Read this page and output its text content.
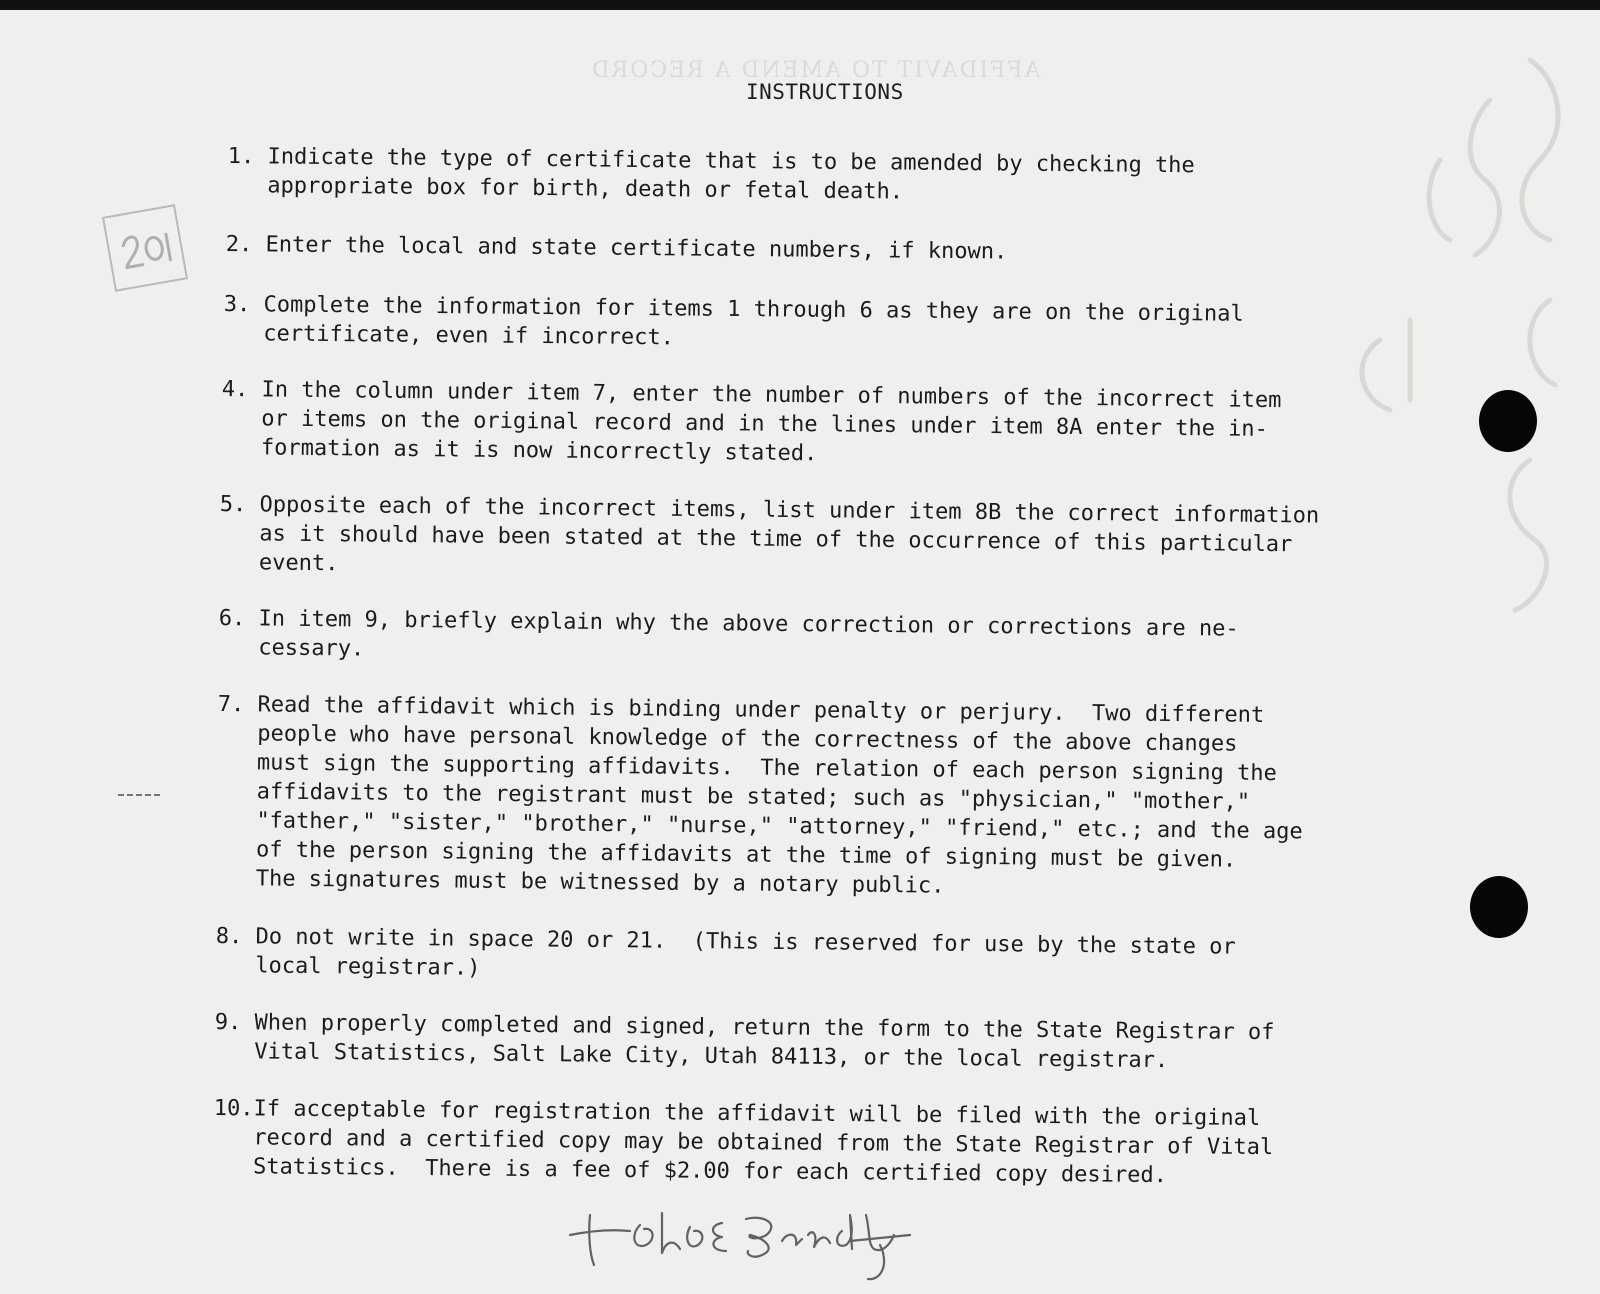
AFFIDAVIT TO AMEND A RECORD
INSTRUCTIONS
1. Indicate the type of certificate that is to be amended by checking the
appropriate box for birth, death or fetal death.
2. Enter the local and state certificate numbers, if known.
3. Complete the information for items 1 through 6 as they are on the original
certificate, even if incorrect.
4. In the column under item 7, enter the number of numbers of the incorrect item
or items on the original record and in the lines under item 8A enter the in-
formation as it is now incorrectly stated.
5. Opposite each of the incorrect items, list under item 8B the correct information
as it should have been stated at the time of the occurrence of this particular
event.
6. In item 9, briefly explain why the above correction or corrections are ne-
cessary.
7. Read the affidavit which is binding under penalty or perjury.  Two different
people who have personal knowledge of the correctness of the above changes
must sign the supporting affidavits.  The relation of each person signing the
affidavits to the registrant must be stated; such as "physician," "mother,"
"father," "sister," "brother," "nurse," "attorney," "friend," etc.; and the age
of the person signing the affidavits at the time of signing must be given.
The signatures must be witnessed by a notary public.
8. Do not write in space 20 or 21.  (This is reserved for use by the state or
local registrar.)
9. When properly completed and signed, return the form to the State Registrar of
Vital Statistics, Salt Lake City, Utah 84113, or the local registrar.
10.If acceptable for registration the affidavit will be filed with the original
record and a certified copy may be obtained from the State Registrar of Vital
Statistics.  There is a fee of $2.00 for each certified copy desired.
